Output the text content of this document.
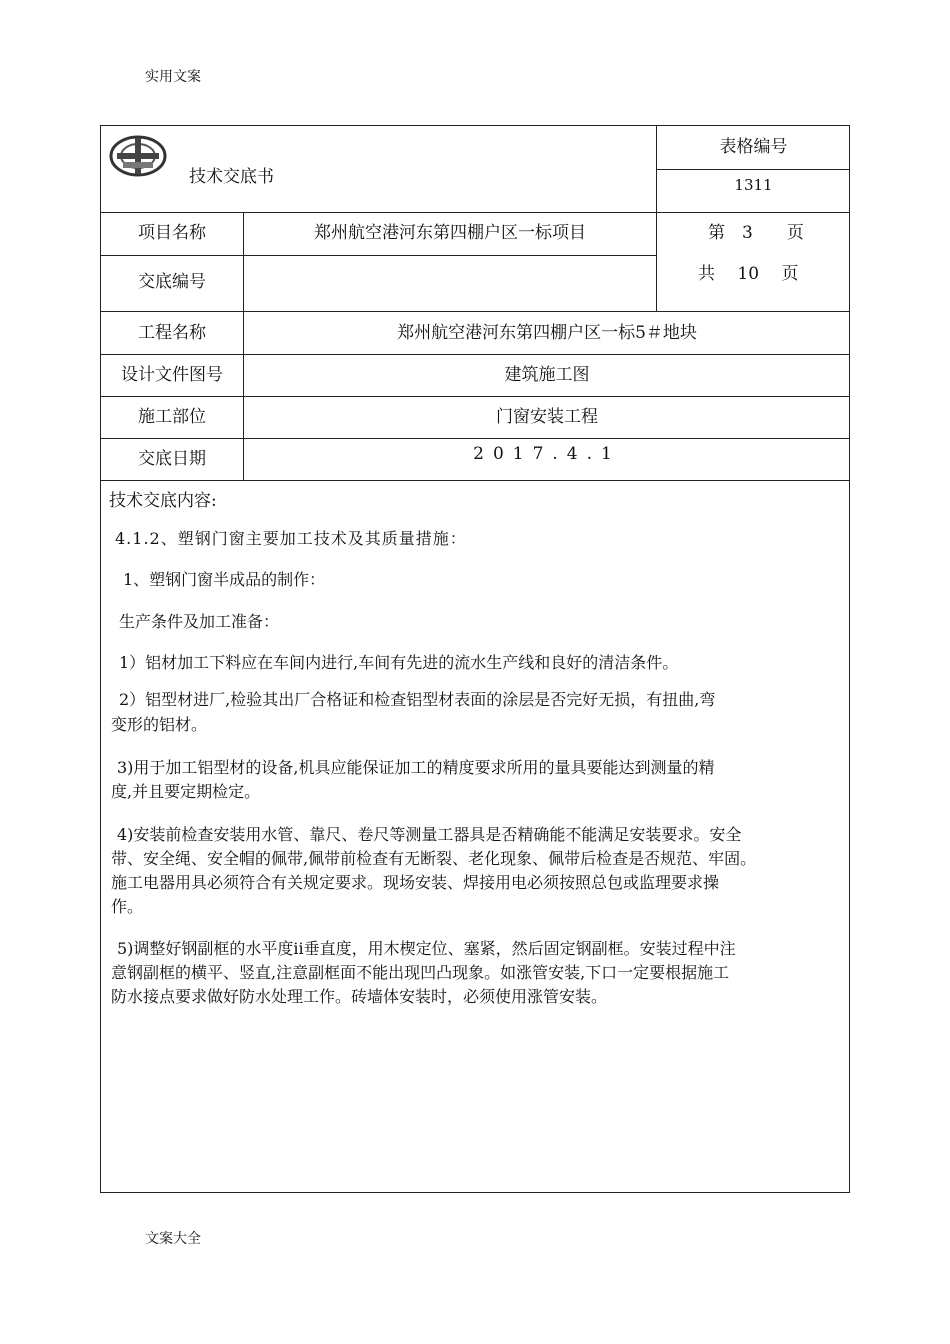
实用文案
技术交底书
表格编号
1311
项目名称	郑州航空港河东第四棚户区一标项目	第　3　　页
共　 10　 页
交底编号
工程名称	郑州航空港河东第四棚户区一标5＃地块
设计文件图号	建筑施工图
施工部位	门窗安装工程
交底日期	2017.4.1
技术交底内容:

4.1.2、塑钢门窗主要加工技术及其质量措施：

1、塑钢门窗半成品的制作：

生产条件及加工准备：

1）铝材加工下料应在车间内进行,车间有先进的流水生产线和良好的清洁条件。

2）铝型材进厂,检验其出厂合格证和检查铝型材表面的涂层是否完好无损，有扭曲,弯

变形的铝材。

3)用于加工铝型材的设备,机具应能保证加工的精度要求所用的量具要能达到测量的精

度,并且要定期检定。

4)安装前检查安装用水管、靠尺、卷尺等测量工器具是否精确能不能满足安装要求。安全

带、安全绳、安全帽的佩带,佩带前检查有无断裂、老化现象、佩带后检查是否规范、牢固。

施工电器用具必须符合有关规定要求。现场安装、焊接用电必须按照总包或监理要求操

作。

5)调整好钢副框的水平度ii垂直度，用木楔定位、塞紧，然后固定钢副框。安装过程中注

意钢副框的横平、竖直,注意副框面不能出现凹凸现象。如涨管安装,下口一定要根据施工

防水接点要求做好防水处理工作。砖墙体安装时，必须使用涨管安装。

文案大全
